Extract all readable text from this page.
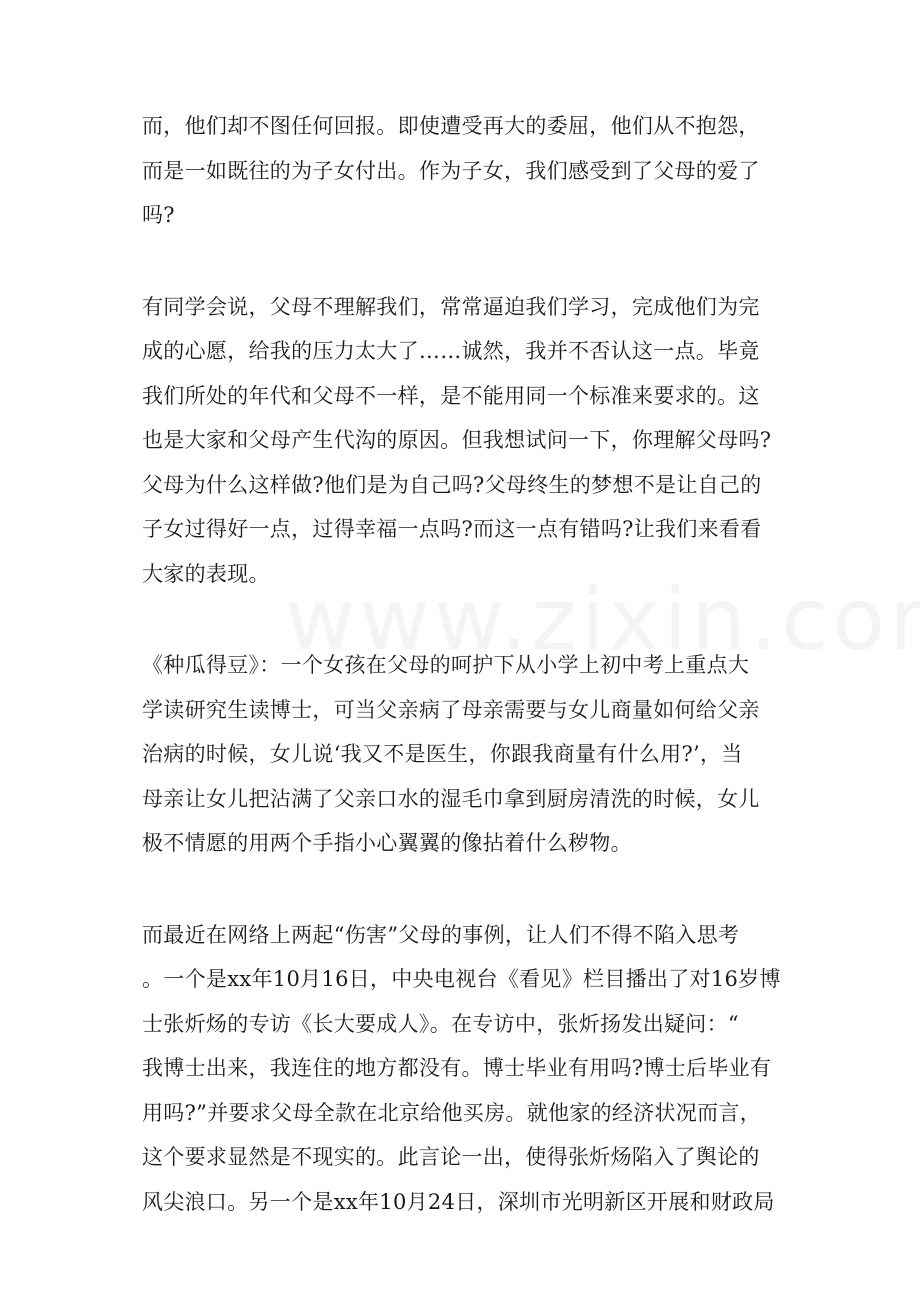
而，他们却不图任何回报。即使遭受再大的委屈，他们从不抱怨，
而是一如既往的为子女付出。作为子女，我们感受到了父母的爱了
吗?
有同学会说，父母不理解我们，常常逼迫我们学习，完成他们为完
成的心愿，给我的压力太大了……诚然，我并不否认这一点。毕竟
我们所处的年代和父母不一样，是不能用同一个标准来要求的。这
也是大家和父母产生代沟的原因。但我想试问一下，你理解父母吗?
父母为什么这样做?他们是为自己吗?父母终生的梦想不是让自己的
子女过得好一点，过得幸福一点吗?而这一点有错吗?让我们来看看
大家的表现。
《种瓜得豆》：一个女孩在父母的呵护下从小学上初中考上重点大
学读研究生读博士，可当父亲病了母亲需要与女儿商量如何给父亲
治病的时候，女儿说‘我又不是医生，你跟我商量有什么用?’，当
母亲让女儿把沾满了父亲口水的湿毛巾拿到厨房清洗的时候，女儿
极不情愿的用两个手指小心翼翼的像拈着什么秽物。
而最近在网络上两起“伤害”父母的事例，让人们不得不陷入思考
。一个是xx年10月16日，中央电视台《看见》栏目播出了对16岁博
士张炘炀的专访《长大要成人》。在专访中，张炘扬发出疑问：“
我博士出来，我连住的地方都没有。博士毕业有用吗?博士后毕业有
用吗?”并要求父母全款在北京给他买房。就他家的经济状况而言，
这个要求显然是不现实的。此言论一出，使得张炘炀陷入了舆论的
风尖浪口。另一个是xx年10月24日，深圳市光明新区开展和财政局
